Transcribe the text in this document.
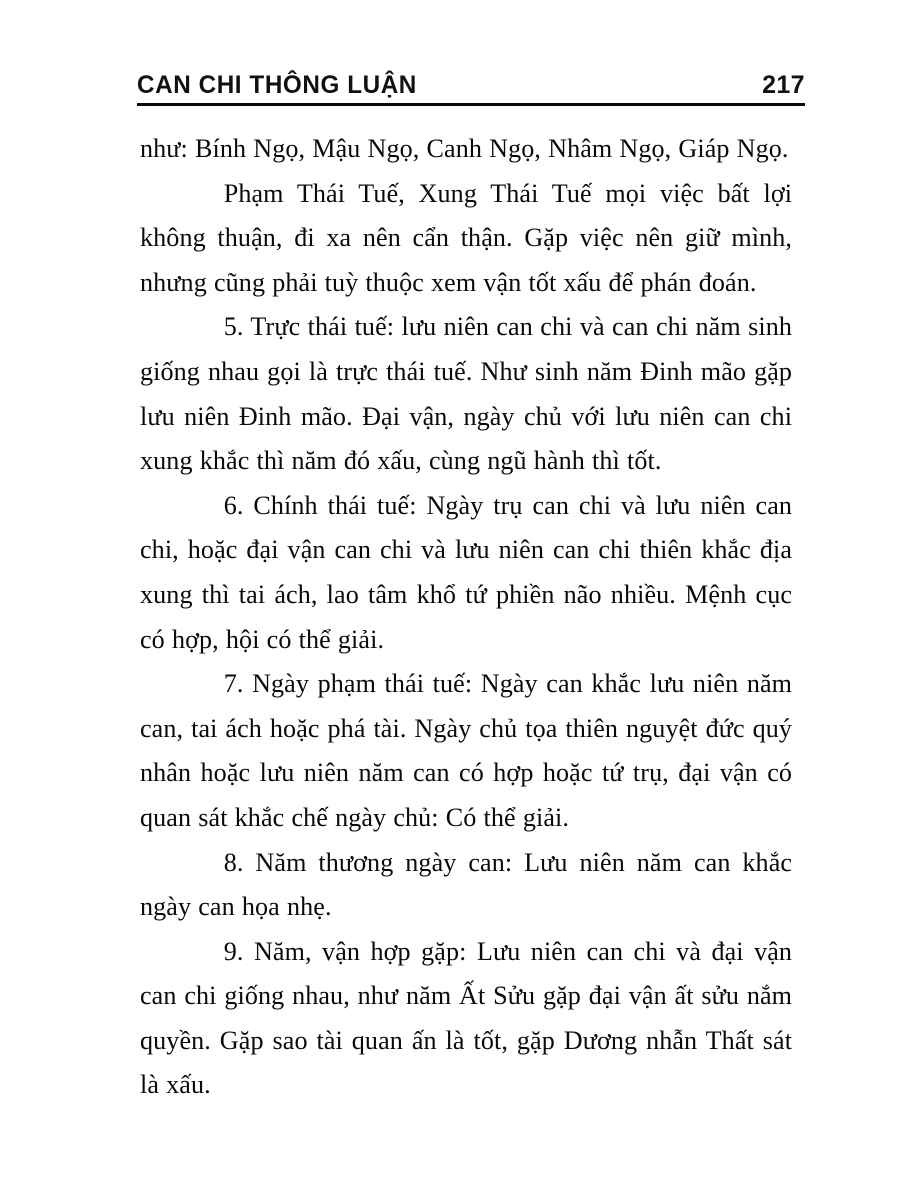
CAN CHI THÔNG LUẬN	217

như: Bính Ngọ, Mậu Ngọ, Canh Ngọ, Nhâm Ngọ, Giáp Ngọ.

Phạm Thái Tuế, Xung Thái Tuế mọi việc bất lợi không thuận, đi xa nên cẩn thận. Gặp việc nên giữ mình, nhưng cũng phải tuỳ thuộc xem vận tốt xấu để phán đoán.

5. Trực thái tuế: lưu niên can chi và can chi năm sinh giống nhau gọi là trực thái tuế. Như sinh năm Đinh mão gặp lưu niên Đinh mão. Đại vận, ngày chủ với lưu niên can chi xung khắc thì năm đó xấu, cùng ngũ hành thì tốt.

6. Chính thái tuế: Ngày trụ can chi và lưu niên can chi, hoặc đại vận can chi và lưu niên can chi thiên khắc địa xung thì tai ách, lao tâm khổ tứ phiền não nhiều. Mệnh cục có hợp, hội có thể giải.

7. Ngày phạm thái tuế: Ngày can khắc lưu niên năm can, tai ách hoặc phá tài. Ngày chủ tọa thiên nguyệt đức quý nhân hoặc lưu niên năm can có hợp hoặc tứ trụ, đại vận có quan sát khắc chế ngày chủ: Có thể giải.

8. Năm thương ngày can: Lưu niên năm can khắc ngày can họa nhẹ.

9. Năm, vận hợp gặp: Lưu niên can chi và đại vận can chi giống nhau, như năm Ất Sửu gặp đại vận ất sửu nắm quyền. Gặp sao tài quan ấn là tốt, gặp Dương nhẫn Thất sát là xấu.
